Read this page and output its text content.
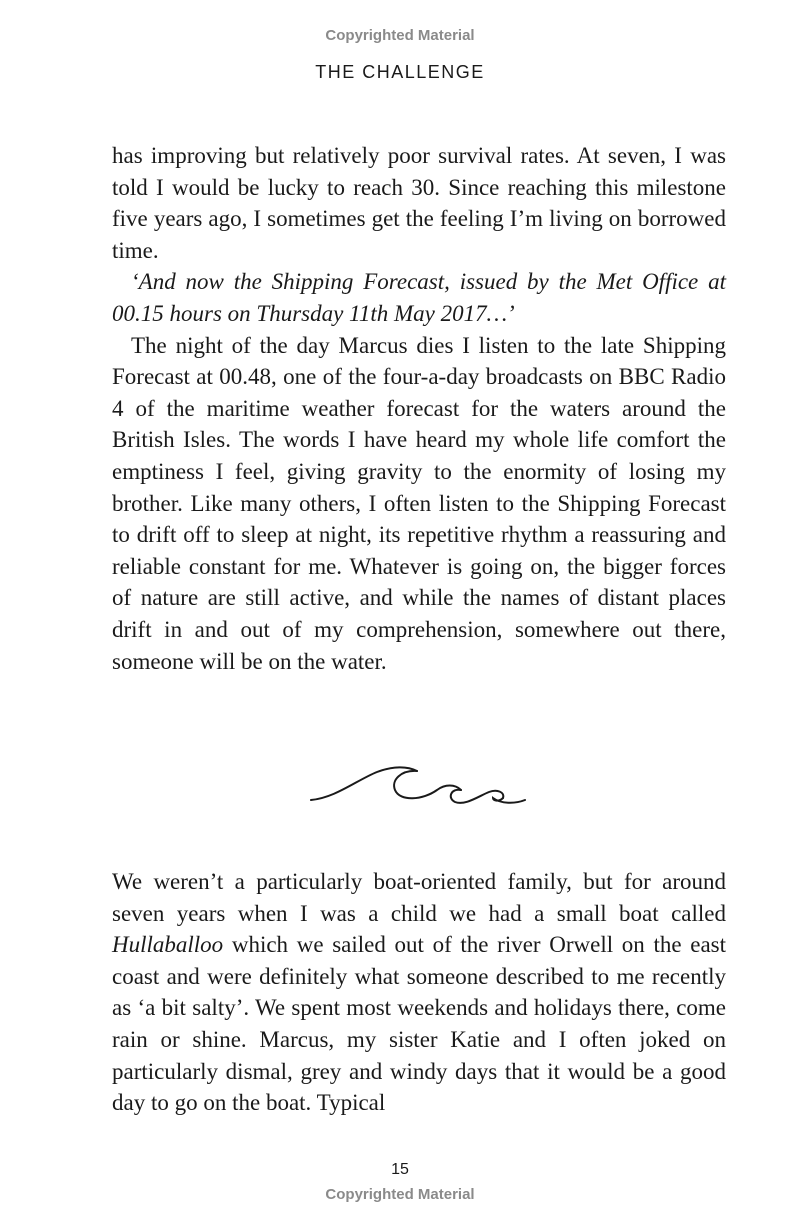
Copyrighted Material
THE CHALLENGE

has improving but relatively poor survival rates. At seven, I was told I would be lucky to reach 30. Since reaching this milestone five years ago, I sometimes get the feeling I’m living on borrowed time.

‘And now the Shipping Forecast, issued by the Met Office at 00.15 hours on Thursday 11th May 2017…’

The night of the day Marcus dies I listen to the late Shipping Forecast at 00.48, one of the four-a-day broadcasts on BBC Radio 4 of the maritime weather forecast for the waters around the British Isles. The words I have heard my whole life comfort the emptiness I feel, giving gravity to the enormity of losing my brother. Like many others, I often listen to the Shipping Forecast to drift off to sleep at night, its repetitive rhythm a reassuring and reliable constant for me. Whatever is going on, the bigger forces of nature are still active, and while the names of distant places drift in and out of my comprehension, somewhere out there, someone will be on the water.

We weren’t a particularly boat-oriented family, but for around seven years when I was a child we had a small boat called Hullaballoo which we sailed out of the river Orwell on the east coast and were definitely what someone described to me recently as ‘a bit salty’. We spent most weekends and holidays there, come rain or shine. Marcus, my sister Katie and I often joked on particularly dismal, grey and windy days that it would be a good day to go on the boat. Typical

15
Copyrighted Material
